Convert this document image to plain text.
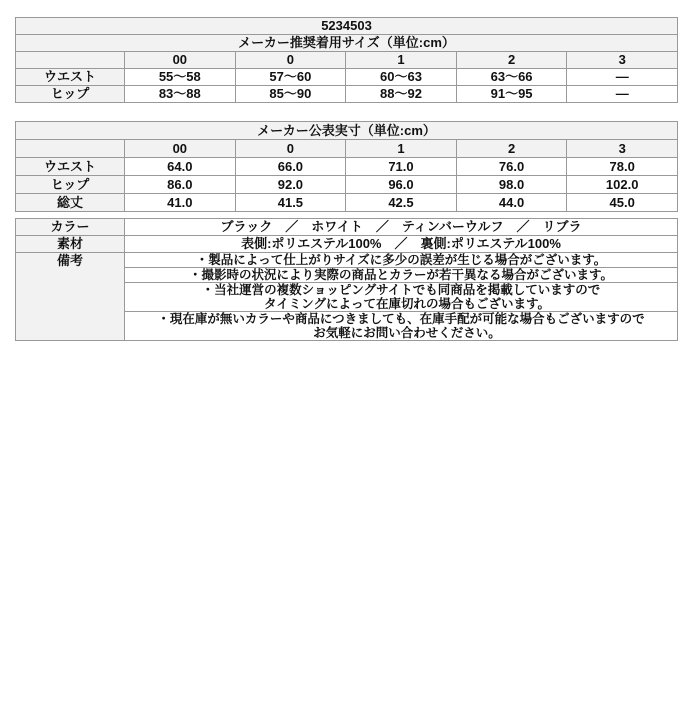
5234503					
メーカー推奨着用サイズ（単位:cm）					
	00	0	1	2	3
ウエスト	55～58	57～60	60～63	63～66	―
ヒップ	83～88	85～90	88～92	91～95	―
メーカー公表実寸（単位:cm）					
	00	0	1	2	3
ウエスト	64.0	66.0	71.0	76.0	78.0
ヒップ	86.0	92.0	96.0	98.0	102.0
総丈	41.0	41.5	42.5	44.0	45.0
カラー	ブラック　／　ホワイト　／　ティンバーウルフ　／　リブラ
素材	表側:ポリエステル100%　／　裏側:ポリエステル100%
備考	・製品によって仕上がりサイズに多少の誤差が生じる場合がございます。

	・撮影時の状況により実際の商品とカラーが若干異なる場合がございます。

	・当社運営の複数ショッピングサイトでも同商品を掲載していますので
タイミングによって在庫切れの場合もございます。

	・現在庫が無いカラーや商品につきましても、在庫手配が可能な場合もございますので
お気軽にお問い合わせください。
